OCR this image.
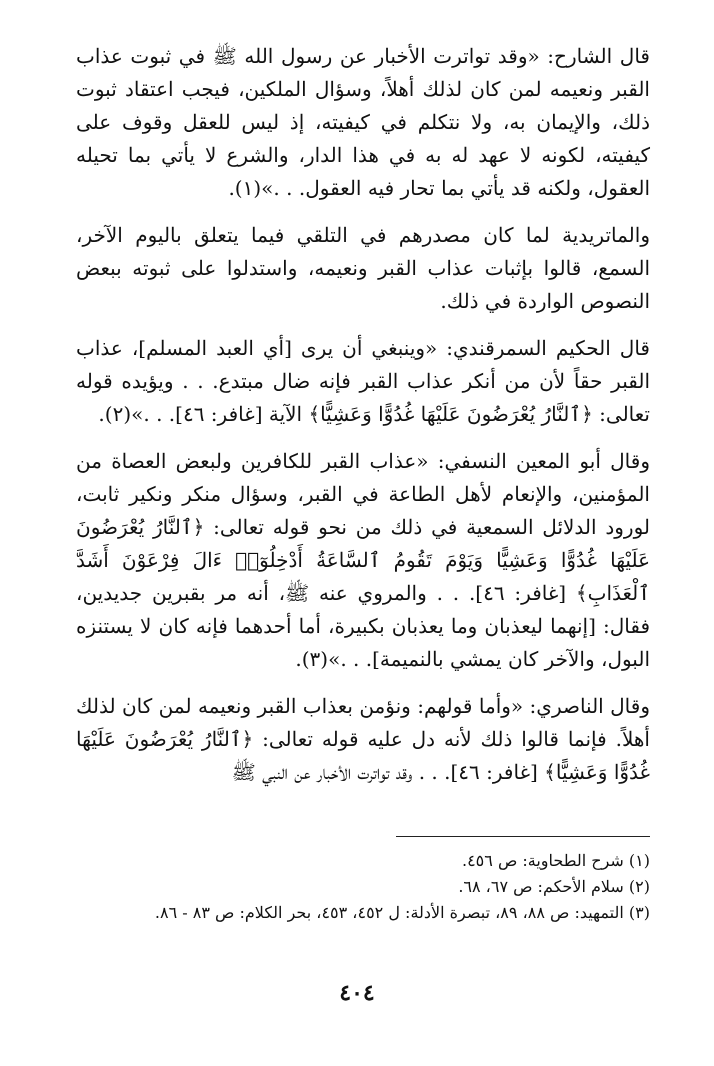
قال الشارح: «وقد تواترت الأخبار عن رسول الله ﷺ في ثبوت عذاب القبر ونعيمه لمن كان لذلك أهلاً، وسؤال الملكين، فيجب اعتقاد ثبوت ذلك، والإيمان به، ولا نتكلم في كيفيته، إذ ليس للعقل وقوف على كيفيته، لكونه لا عهد له به في هذا الدار، والشرع لا يأتي بما تحيله العقول، ولكنه قد يأتي بما تحار فيه العقول. . .»(١).

والماتريدية لما كان مصدرهم في التلقي فيما يتعلق باليوم الآخر، السمع، قالوا بإثبات عذاب القبر ونعيمه، واستدلوا على ثبوته ببعض النصوص الواردة في ذلك.

قال الحكيم السمرقندي: «وينبغي أن يرى [أي العبد المسلم]، عذاب القبر حقاً لأن من أنكر عذاب القبر فإنه ضال مبتدع. . . ويؤيده قوله تعالى: ﴿ٱلنَّارُ يُعْرَضُونَ عَلَيْهَا غُدُوًّا وَعَشِيًّا﴾ الآية [غافر: ٤٦]. . .»(٢).

وقال أبو المعين النسفي: «عذاب القبر للكافرين ولبعض العصاة من المؤمنين، والإنعام لأهل الطاعة في القبر، وسؤال منكر ونكير ثابت، لورود الدلائل السمعية في ذلك من نحو قوله تعالى: ﴿ٱلنَّارُ يُعْرَضُونَ عَلَيْهَا غُدُوًّا وَعَشِيًّا وَيَوْمَ تَقُومُ ٱلسَّاعَةُ أَدْخِلُوٓا۟ ءَالَ فِرْعَوْنَ أَشَدَّ ٱلْعَذَابِ﴾ [غافر: ٤٦]. . . والمروي عنه ﷺ، أنه مر بقبرين جديدين، فقال: [إنهما ليعذبان وما يعذبان بكبيرة، أما أحدهما فإنه كان لا يستنزه البول، والآخر كان يمشي بالنميمة]. . .»(٣).

وقال الناصري: «وأما قولهم: ونؤمن بعذاب القبر ونعيمه لمن كان لذلك أهلاً. فإنما قالوا ذلك لأنه دل عليه قوله تعالى: ﴿ٱلنَّارُ يُعْرَضُونَ عَلَيْهَا غُدُوًّا وَعَشِيًّا﴾ [غافر: ٤٦]. . . وقد تواترت الأخبار عن النبي ﷺ

(١) شرح الطحاوية: ص ٤٥٦.
(٢) سلام الأحكم: ص ٦٧، ٦٨.
(٣) التمهيد: ص ٨٨، ٨٩، تبصرة الأدلة: ل ٤٥٢، ٤٥٣، بحر الكلام: ص ٨٣ - ٨٦.
٤٠٤
